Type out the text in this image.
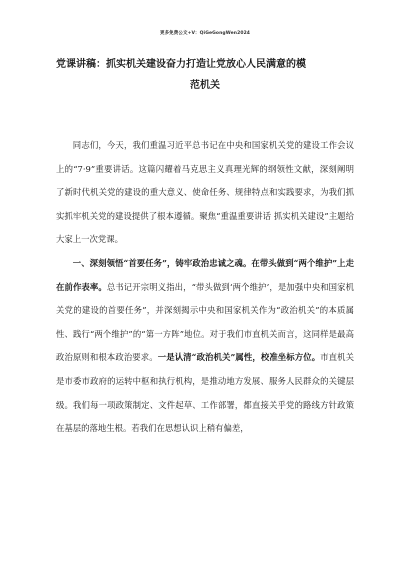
更多免费公文+V：QiGeGongWen2024
党课讲稿：抓实机关建设奋力打造让党放心人民满意的模
范机关

同志们，今天，我们重温习近平总书记在中央和国家机关党的建设工作会议上的“7·9”重要讲话。这篇闪耀着马克思主义真理光辉的纲领性文献，深刻阐明了新时代机关党的建设的重大意义、使命任务、规律特点和实践要求，为我们抓实抓牢机关党的建设提供了根本遵循。聚焦“重温重要讲话 抓实机关建设”主题给大家上一次党课。

一、深刻领悟“首要任务”，铸牢政治忠诚之魂。在带头做到“两个维护”上走在前作表率。总书记开宗明义指出，“带头做到‘两个维护’，是加强中央和国家机关党的建设的首要任务”，并深刻揭示中央和国家机关作为“政治机关”的本质属性、践行“两个维护”的“第一方阵”地位。对于我们市直机关而言，这同样是最高政治原则和根本政治要求。一是认清“政治机关”属性，校准坐标方位。市直机关是市委市政府的运转中枢和执行机构，是推动地方发展、服务人民群众的关键层级。我们每一项政策制定、文件起草、工作部署，都直接关乎党的路线方针政策在基层的落地生根。若我们在思想认识上稍有偏差，
